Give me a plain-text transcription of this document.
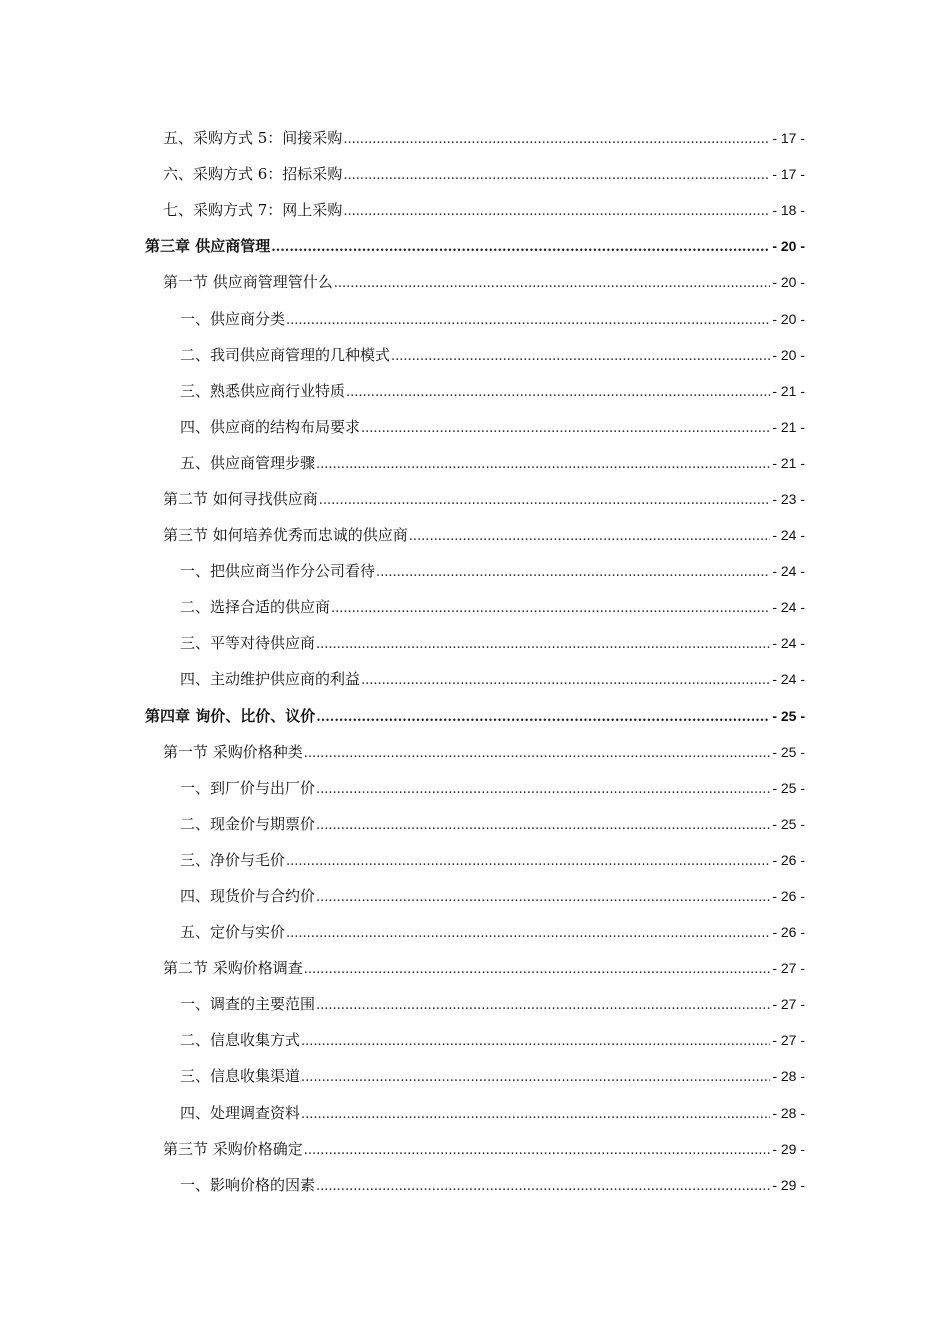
五、采购方式 5：间接采购 .....	- 17 -
六、采购方式 6：招标采购 .....	- 17 -
七、采购方式 7：网上采购 .....	- 18 -
第三章 供应商管理 .....	- 20 -
第一节 供应商管理管什么 .....	- 20 -
一、供应商分类 .....	- 20 -
二、我司供应商管理的几种模式 .....	- 20 -
三、熟悉供应商行业特质 .....	- 21 -
四、供应商的结构布局要求 .....	- 21 -
五、供应商管理步骤 .....	- 21 -
第二节 如何寻找供应商 .....	- 23 -
第三节 如何培养优秀而忠诚的供应商 .....	- 24 -
一、把供应商当作分公司看待 .....	- 24 -
二、选择合适的供应商 .....	- 24 -
三、平等对待供应商 .....	- 24 -
四、主动维护供应商的利益 .....	- 24 -
第四章 询价、比价、议价 .....	- 25 -
第一节 采购价格种类 .....	- 25 -
一、到厂价与出厂价 .....	- 25 -
二、现金价与期票价 .....	- 25 -
三、净价与毛价 .....	- 26 -
四、现货价与合约价 .....	- 26 -
五、定价与实价 .....	- 26 -
第二节 采购价格调查 .....	- 27 -
一、调查的主要范围 .....	- 27 -
二、信息收集方式 .....	- 27 -
三、信息收集渠道 .....	- 28 -
四、处理调查资料 .....	- 28 -
第三节 采购价格确定 .....	- 29 -
一、影响价格的因素 .....	- 29 -
